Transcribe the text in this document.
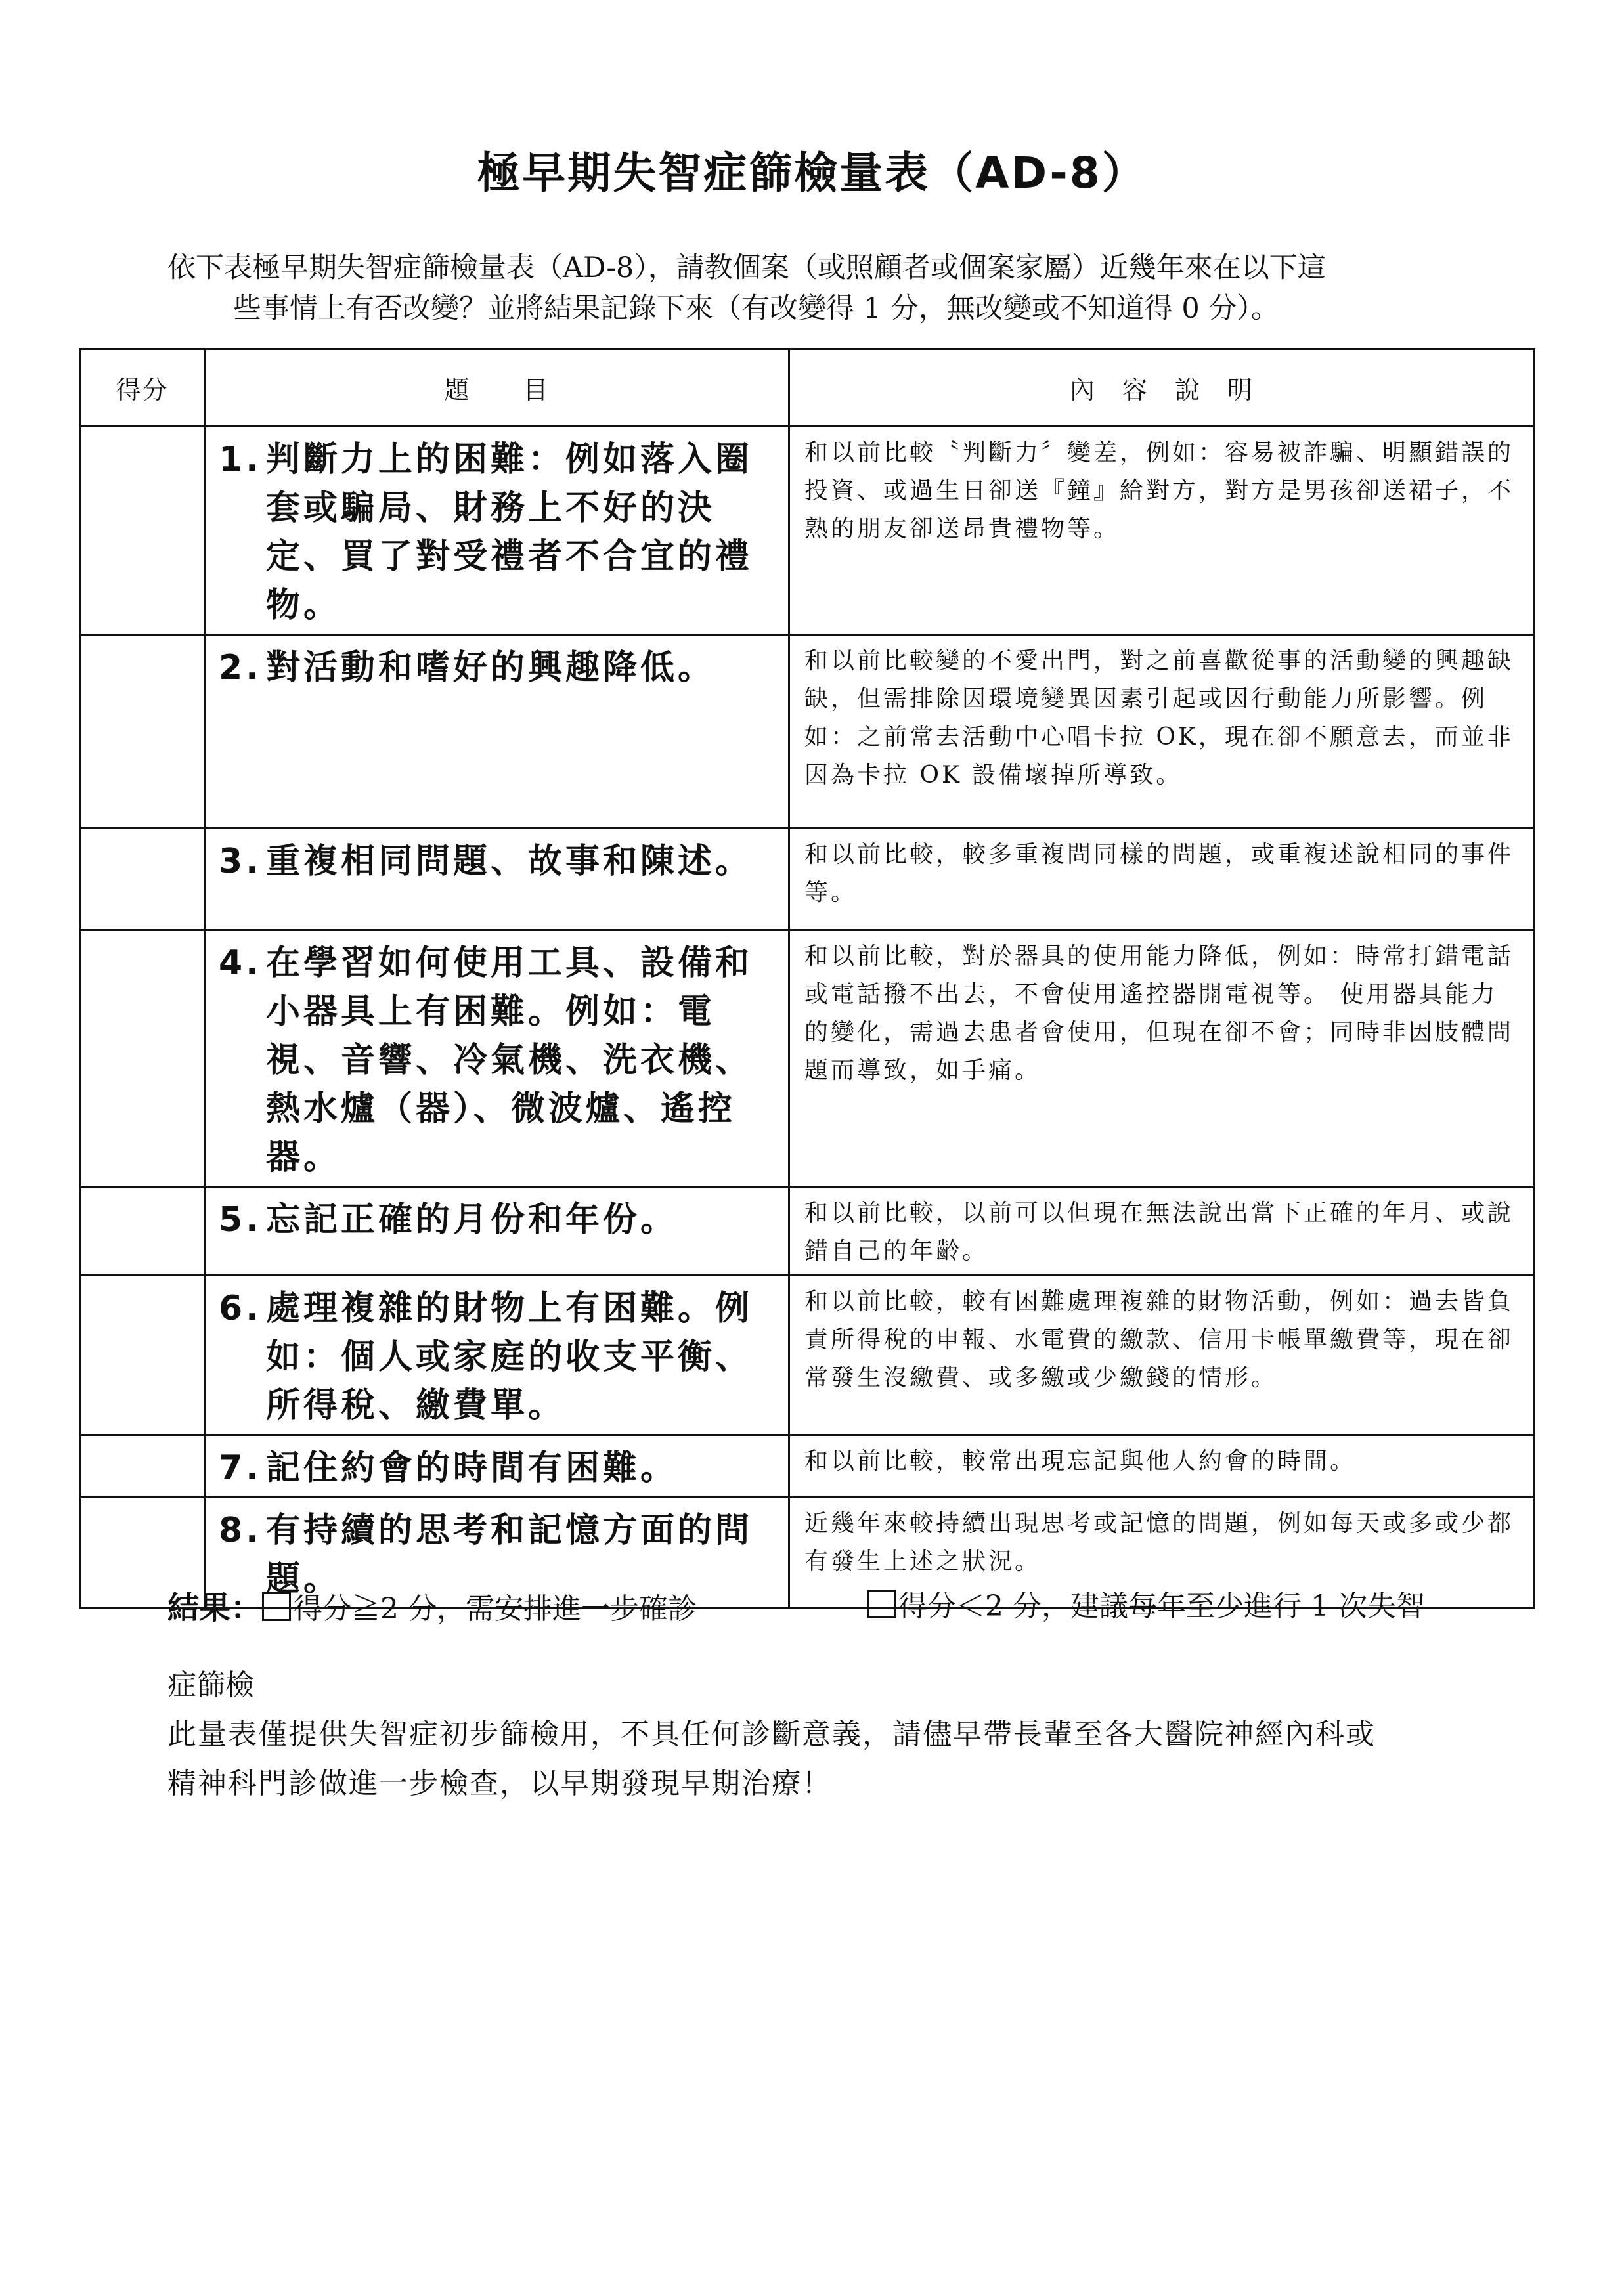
極早期失智症篩檢量表（AD-8）
依下表極早期失智症篩檢量表（AD-8），請教個案（或照顧者或個案家屬）近幾年來在以下這
些事情上有否改變？並將結果記錄下來（有改變得 1 分，無改變或不知道得 0 分）。
得分	題　　目	內　容　說　明

	1. 判斷力上的困難：例如落入圈套或騙局、財務上不好的決定、買了對受禮者不合宜的禮物。	和以前比較〝判斷力〞變差，例如：容易被詐騙、明顯錯誤的投資、或過生日卻送『鐘』給對方，對方是男孩卻送裙子，不熟的朋友卻送昂貴禮物等。

	2. 對活動和嗜好的興趣降低。	和以前比較變的不愛出門，對之前喜歡從事的活動變的興趣缺缺，但需排除因環境變異因素引起或因行動能力所影響。例如：之前常去活動中心唱卡拉 OK，現在卻不願意去，而並非因為卡拉 OK 設備壞掉所導致。

	3. 重複相同問題、故事和陳述。	和以前比較，較多重複問同樣的問題，或重複述說相同的事件等。

	4. 在學習如何使用工具、設備和小器具上有困難。例如：電視、音響、冷氣機、洗衣機、熱水爐（器）、微波爐、遙控器。	和以前比較，對於器具的使用能力降低，例如：時常打錯電話或電話撥不出去，不會使用遙控器開電視等。 使用器具能力的變化，需過去患者會使用，但現在卻不會；同時非因肢體問題而導致，如手痛。

	5. 忘記正確的月份和年份。	和以前比較，以前可以但現在無法說出當下正確的年月、或說錯自己的年齡。

	6. 處理複雜的財物上有困難。例如：個人或家庭的收支平衡、所得稅、繳費單。	和以前比較，較有困難處理複雜的財物活動，例如：過去皆負責所得稅的申報、水電費的繳款、信用卡帳單繳費等，現在卻常發生沒繳費、或多繳或少繳錢的情形。

	7. 記住約會的時間有困難。	和以前比較，較常出現忘記與他人約會的時間。

	8. 有持續的思考和記憶方面的問題。	近幾年來較持續出現思考或記憶的問題，例如每天或多或少都有發生上述之狀況。
結果： 得分≧2 分，需安排進一步確診	得分＜2 分，建議每年至少進行 1 次失智
症篩檢
此量表僅提供失智症初步篩檢用，不具任何診斷意義，請儘早帶長輩至各大醫院神經內科或
精神科門診做進一步檢查，以早期發現早期治療！
